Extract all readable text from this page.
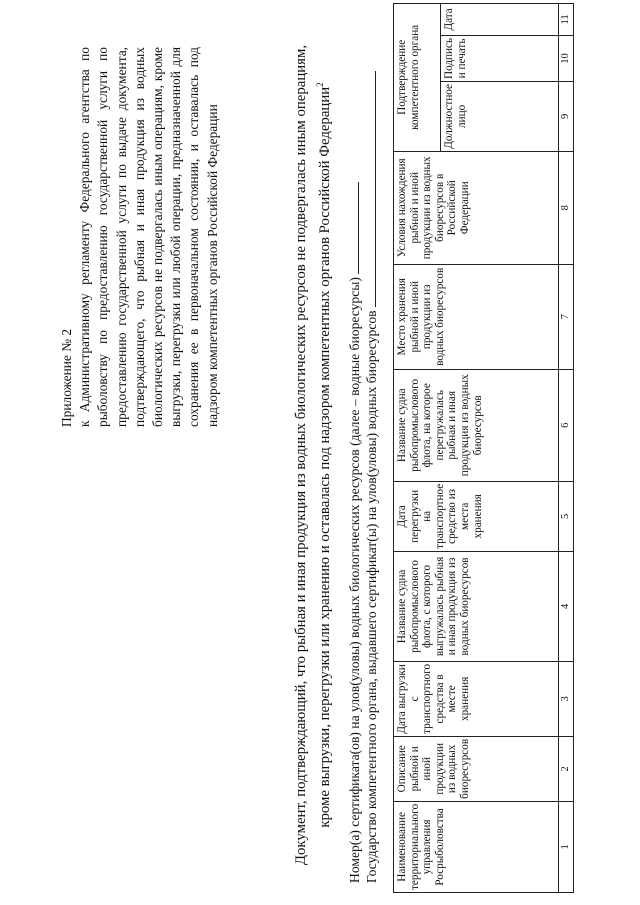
Приложение № 2 к Административному регламенту Федерального агентства по рыболовству по предоставлению государственной услуги по предоставлению государственной услуги по выдаче документа, подтверждающего, что рыбная и иная продукция из водных биологических ресурсов не подвергалась иным операциям, кроме выгрузки, перегрузки или любой операции, предназначенной для сохранения ее в первоначальном состоянии, и оставалась под надзором компетентных органов Российской Федерации	Документ, подтверждающий, что рыбная и иная продукция из водных биологических ресурсов не подвергалась иным операциям, кроме выгрузки, перегрузки или хранению и оставалась под надзором компетентных органов Российской Федерации$^2$
Номер(а) сертификата(ов) на улов(уловы) водных биологических ресурсов (далее – водные биоресурсы) Государство компетентного органа, выдавшего сертификат(ы) на улов(уловы) водных биоресурсов Наименование территориального управления Росрыболовства	Описание рыбной и иной продукции из водных биоресурсов	Дата выгрузки с транспортного средства в месте хранения	Название судна рыбопромыслового флота, с которого выгружалась рыбная и иная продукция из водных биоресурсов	Дата перегрузки на транспортное средство из места хранения	Название судна рыбопромыслового флота, на которое перегружалась рыбная и иная продукция из водных биоресурсов	Место хранения рыбной и иной продукции из водных биоресурсов	Условия нахождения рыбной и иной продукции из водных биоресурсов в Российской Федерации	Подтверждение компетентного органа		
								Должностное лицо	Подпись и печать	Дата
1	2	3	4	5	6	7	8	9	10	11
